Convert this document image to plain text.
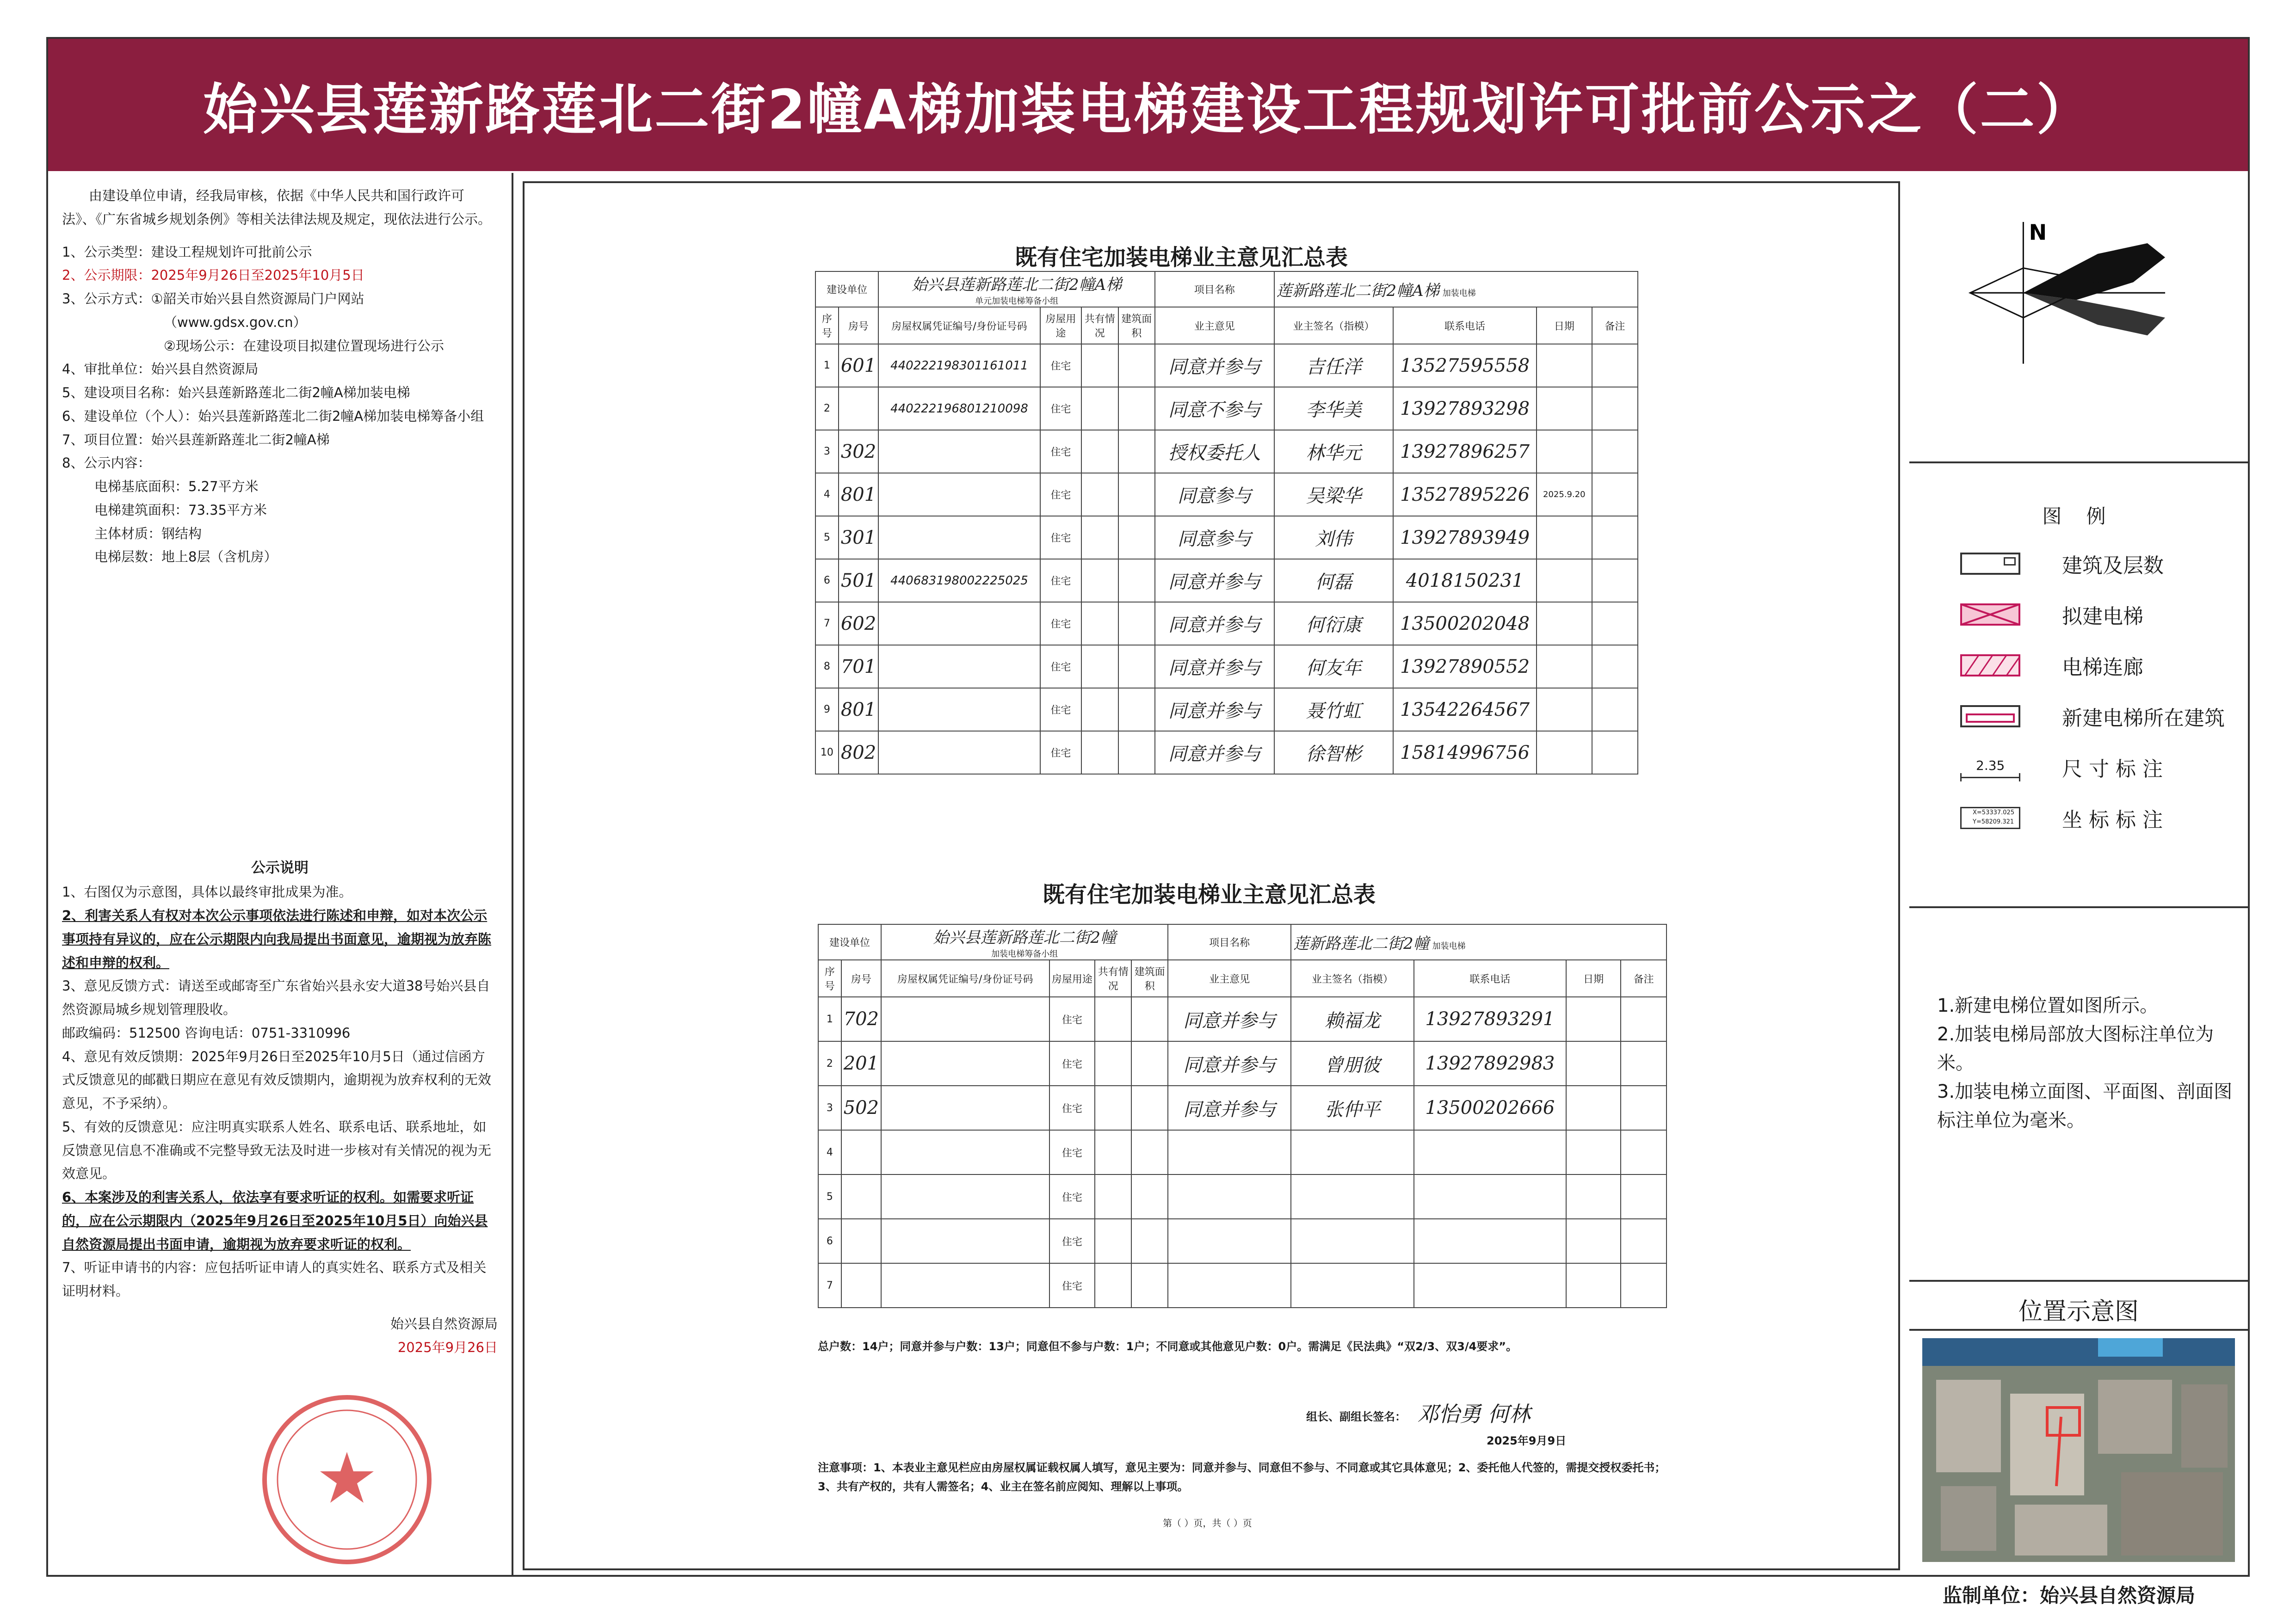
始兴县莲新路莲北二街2幢A梯加装电梯建设工程规划许可批前公示之（二）

由建设单位申请，经我局审核，依据《中华人民共和国行政许可法》、《广东省城乡规划条例》等相关法律法规及规定，现依法进行公示。

1、公示类型：建设工程规划许可批前公示

2、公示期限：2025年9月26日至2025年10月5日

3、公示方式：①韶关市始兴县自然资源局门户网站

（www.gdsx.gov.cn）

②现场公示：在建设项目拟建位置现场进行公示

4、审批单位：始兴县自然资源局

5、建设项目名称：始兴县莲新路莲北二街2幢A梯加装电梯

6、建设单位（个人）：始兴县莲新路莲北二街2幢A梯加装电梯筹备小组

7、项目位置：始兴县莲新路莲北二街2幢A梯

8、公示内容：

电梯基底面积：5.27平方米

电梯建筑面积：73.35平方米

主体材质：钢结构

电梯层数：地上8层（含机房）

公示说明

1、右图仅为示意图，具体以最终审批成果为准。

2、利害关系人有权对本次公示事项依法进行陈述和申辩，如对本次公示事项持有异议的，应在公示期限内向我局提出书面意见，逾期视为放弃陈述和申辩的权利。

3、意见反馈方式：请送至或邮寄至广东省始兴县永安大道38号始兴县自然资源局城乡规划管理股收。

邮政编码：512500 咨询电话：0751-3310996

4、意见有效反馈期：2025年9月26日至2025年10月5日（通过信函方式反馈意见的邮戳日期应在意见有效反馈期内，逾期视为放弃权利的无效意见，不予采纳）。

5、有效的反馈意见：应注明真实联系人姓名、联系电话、联系地址，如反馈意见信息不准确或不完整导致无法及时进一步核对有关情况的视为无效意见。

6、本案涉及的利害关系人，依法享有要求听证的权利。如需要求听证的，应在公示期限内（2025年9月26日至2025年10月5日）向始兴县自然资源局提出书面申请，逾期视为放弃要求听证的权利。

7、听证申请书的内容：应包括听证申请人的真实姓名、联系方式及相关证明材料。

始兴县自然资源局

2025年9月26日

既有住宅加装电梯业主意见汇总表
建设单位		始兴县莲新路莲北二街2幢A梯
单元加装电梯筹备小组				项目名称	莲新路莲北二街2幢A梯 加装电梯			
序号	房号	房屋权属凭证编号/身份证号码	房屋用途	共有情况	建筑面积	业主意见	业主签名（指模）	联系电话	日期	备注
1	601	440222198301161011	住宅			同意并参与	吉任洋	13527595558		
2		440222196801210098	住宅			同意不参与	李华美	13927893298		
3	302		住宅			授权委托人	林华元	13927896257		
4	801		住宅			同意参与	吴梁华	13527895226	2025.9.20	
5	301		住宅			同意参与	刘伟	13927893949		
6	501	440683198002225025	住宅			同意并参与	何磊	4018150231		
7	602		住宅			同意并参与	何衍康	13500202048		
8	701		住宅			同意并参与	何友年	13927890552		
9	801		住宅			同意并参与	聂竹虹	13542264567		
10	802		住宅			同意并参与	徐智彬	15814996756		
既有住宅加装电梯业主意见汇总表
建设单位		始兴县莲新路莲北二街2幢
加装电梯筹备小组				项目名称	莲新路莲北二街2幢 加装电梯			
序号	房号	房屋权属凭证编号/身份证号码	房屋用途	共有情况	建筑面积	业主意见	业主签名（指模）	联系电话	日期	备注
1	702		住宅			同意并参与	赖福龙	13927893291		
2	201		住宅			同意并参与	曾朋彼	13927892983		
3	502		住宅			同意并参与	张仲平	13500202666		
4			住宅							
5			住宅							
6			住宅							
7			住宅							
总户数：14户；同意并参与户数：13户；同意但不参与户数：1户；不同意或其他意见户数：0户。需满足《民法典》“双2/3、双3/4要求”。
组长、副组长签名： 邓怡勇 何林
2025年9月9日
注意事项：1、本表业主意见栏应由房屋权属证载权属人填写，意见主要为：同意并参与、同意但不参与、不同意或其它具体意见；2、委托他人代签的，需提交授权委托书；3、共有产权的，共有人需签名；4、业主在签名前应阅知、理解以上事项。
第（ ）页，共（ ）页
N
图 例
建筑及层数
拟建电梯
电梯连廊
新建电梯所在建筑
2.35	尺 寸 标 注
X=53337.025
Y=58209.321 坐 标 标 注
1.新建电梯位置如图所示。
2.加装电梯局部放大图标注单位为米。
3.加装电梯立面图、平面图、剖面图标注单位为毫米。
位置示意图
监制单位：始兴县自然资源局
